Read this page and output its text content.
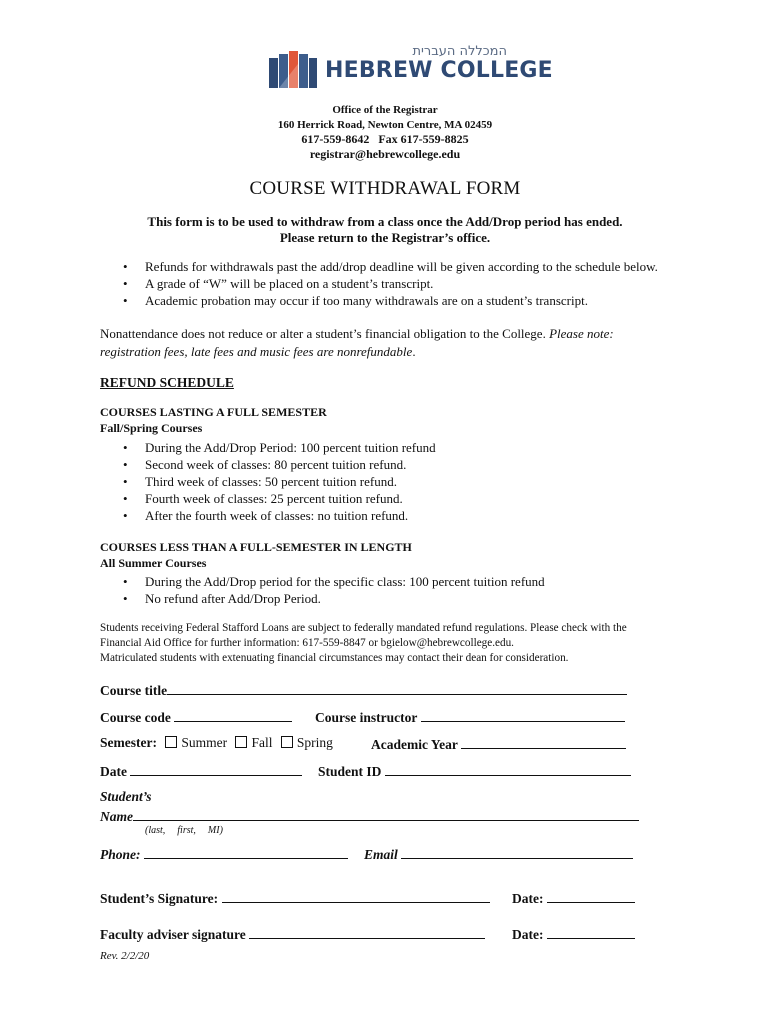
המכללה העברית
HEBREW COLLEGE
Office of the Registrar
160 Herrick Road, Newton Centre, MA 02459
617-559-8642   Fax 617-559-8825
registrar@hebrewcollege.edu
COURSE WITHDRAWAL FORM
This form is to be used to withdraw from a class once the Add/Drop period has ended.
Please return to the Registrar’s office.
• Refunds for withdrawals past the add/drop deadline will be given according to the schedule below.
• A grade of “W” will be placed on a student’s transcript.
• Academic probation may occur if too many withdrawals are on a student’s transcript.
Nonattendance does not reduce or alter a student’s financial obligation to the College. Please note:
registration fees, late fees and music fees are nonrefundable.
REFUND SCHEDULE
COURSES LASTING A FULL SEMESTER
Fall/Spring Courses
• During the Add/Drop Period: 100 percent tuition refund
• Second week of classes: 80 percent tuition refund.
• Third week of classes: 50 percent tuition refund.
• Fourth week of classes: 25 percent tuition refund.
• After the fourth week of classes: no tuition refund.
COURSES LESS THAN A FULL-SEMESTER IN LENGTH
All Summer Courses
• During the Add/Drop period for the specific class: 100 percent tuition refund
• No refund after Add/Drop Period.
Students receiving Federal Stafford Loans are subject to federally mandated refund regulations. Please check with the
Financial Aid Office for further information: 617-559-8847 or bgielow@hebrewcollege.edu.
Matriculated students with extenuating financial circumstances may contact their dean for consideration.
Course title
Course code	Course instructor
Semester: Summer Fall Spring	Academic Year
Date	Student ID
Student’s
Name
(last, first, MI)
Phone:	Email
Student’s Signature:	Date:
Faculty adviser signature	Date:
Rev. 2/2/20
